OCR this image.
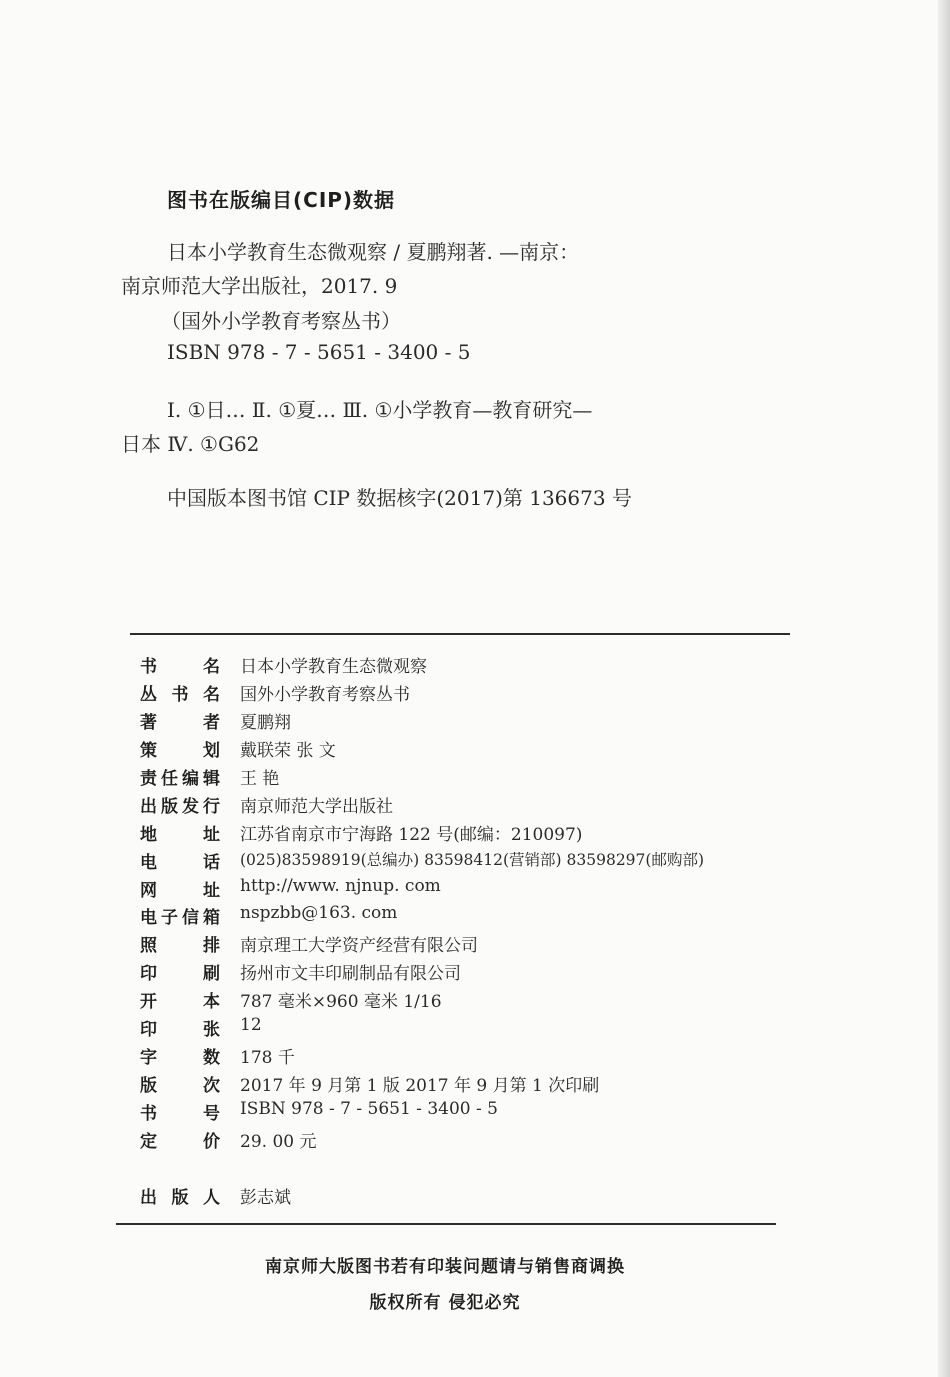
图书在版编目(CIP)数据
日本小学教育生态微观察 / 夏鹏翔著. —南京：
南京师范大学出版社，2017. 9
（国外小学教育考察丛书）
ISBN 978 - 7 - 5651 - 3400 - 5
Ⅰ. ①日… Ⅱ. ①夏… Ⅲ. ①小学教育—教育研究—
日本 Ⅳ. ①G62
中国版本图书馆 CIP 数据核字(2017)第 136673 号
书名 日本小学教育生态微观察
丛书名 国外小学教育考察丛书
著者 夏鹏翔
策划 戴联荣 张 文
责任编辑 王 艳
出版发行 南京师范大学出版社
地址 江苏省南京市宁海路 122 号(邮编：210097)
电话 (025)83598919(总编办) 83598412(营销部) 83598297(邮购部)
网址 http://www. njnup. com
电子信箱 nspzbb@163. com
照排 南京理工大学资产经营有限公司
印刷 扬州市文丰印刷制品有限公司
开本 787 毫米×960 毫米 1/16
印张 12
字数 178 千
版次 2017 年 9 月第 1 版 2017 年 9 月第 1 次印刷
书号 ISBN 978 - 7 - 5651 - 3400 - 5
定价 29. 00 元
出版人 彭志斌
南京师大版图书若有印装问题请与销售商调换
版权所有 侵犯必究
